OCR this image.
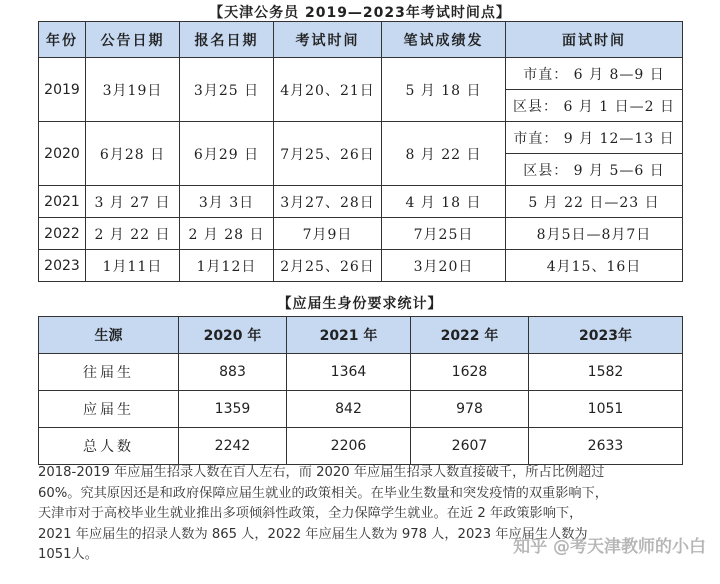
【天津公务员 2019—2023年考试时间点】
年份	公告日期	报名日期	考试时间	笔试成绩发	面试时间
2019	3月19日	3月25 日	4月20、21日	5 月 18 日	市直： 6 月 8—9 日
					区县： 6 月 1 日—2 日
2020	6月28 日	6月29 日	7月25、26日	8 月 22 日	市直： 9 月 12—13 日
					区县： 9 月 5—6 日
2021	3 月 27 日	3月 3日	3月27、28日	4 月 18 日	5 月 22 日—23 日
2022	2 月 22 日	2 月 28 日	7月9日	7月25日	8月5日—8月7日
2023	1月11日	1月12日	2月25、26日	3月20日	4月15、16日
【应届生身份要求统计】
生源	2020 年	2021 年	2022 年	2023年
往届生	883	1364	1628	1582
应届生	1359	842	978	1051
总人数	2242	2206	2607	2633

2018-2019 年应届生招录人数在百人左右，而 2020 年应届生招录人数直接破千，所占比例超过

60%。究其原因还是和政府保障应届生就业的政策相关。在毕业生数量和突发疫情的双重影响下，

天津市对于高校毕业生就业推出多项倾斜性政策，全力保障学生就业。在近 2 年政策影响下，

2021 年应届生的招录人数为 865 人，2022 年应届生人数为 978 人，2023 年应届生人数为

1051人。	知乎 @考天津教师的小白
